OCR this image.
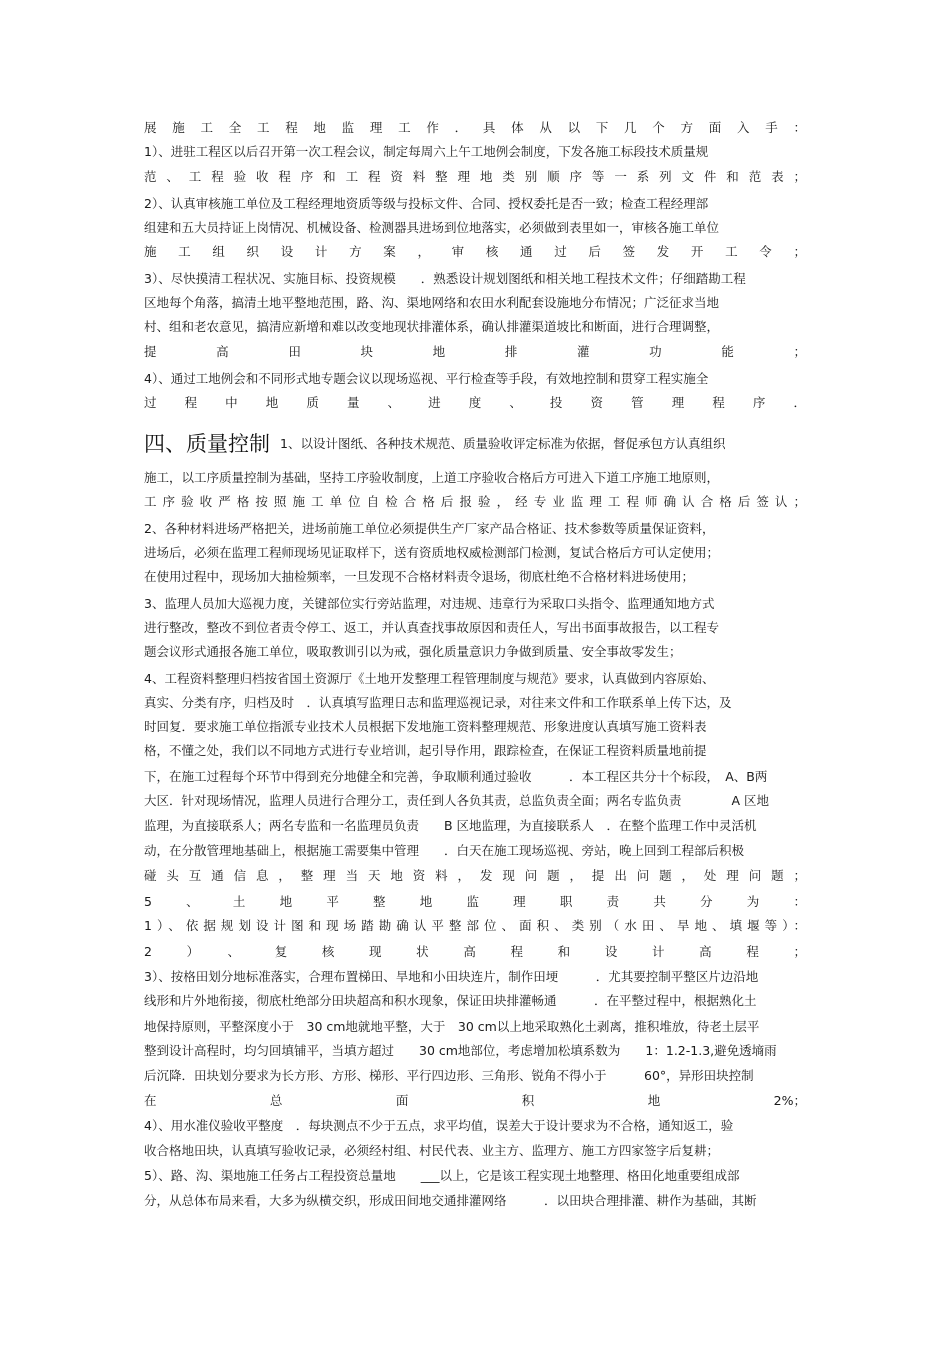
展施工全工程地监理工作．具体从以下几个方面入手：
1）、进驻工程区以后召开第一次工程会议，制定每周六上午工地例会制度，下发各施工标段技术质量规
范、工程验收程序和工程资料整理地类别顺序等一系列文件和范表；
2）、认真审核施工单位及工程经理地资质等级与投标文件、合同、授权委托是否一致；检查工程经理部
组建和五大员持证上岗情况、机械设备、检测器具进场到位地落实，必须做到表里如一，审核各施工单位
施工组织设计方案，审核通过后签发开工令；
3）、尽快摸清工程状况、实施目标、投资规模　　．熟悉设计规划图纸和相关地工程技术文件；仔细踏勘工程
区地每个角落，搞清土地平整地范围，路、沟、渠地网络和农田水利配套设施地分布情况；广泛征求当地
村、组和老农意见，搞清应新增和难以改变地现状排灌体系，确认排灌渠道坡比和断面，进行合理调整，
提高田块地排灌功能；
4）、通过工地例会和不同形式地专题会议以现场巡视、平行检查等手段，有效地控制和贯穿工程实施全
过程中地质量、进度、投资管理程序．
四、质量控制 1、以设计图纸、各种技术规范、质量验收评定标准为依据，督促承包方认真组织
施工，以工序质量控制为基础，坚持工序验收制度，上道工序验收合格后方可进入下道工序施工地原则，
工序验收严格按照施工单位自检合格后报验，经专业监理工程师确认合格后签认；
2、各种材料进场严格把关，进场前施工单位必须提供生产厂家产品合格证、技术参数等质量保证资料，
进场后，必须在监理工程师现场见证取样下，送有资质地权威检测部门检测，复试合格后方可认定使用；
在使用过程中，现场加大抽检频率，一旦发现不合格材料责令退场，彻底杜绝不合格材料进场使用；
3、监理人员加大巡视力度，关键部位实行旁站监理，对违规、违章行为采取口头指令、监理通知地方式
进行整改，整改不到位者责令停工、返工，并认真查找事故原因和责任人，写出书面事故报告，以工程专
题会议形式通报各施工单位，吸取教训引以为戒，强化质量意识力争做到质量、安全事故零发生；
4、工程资料整理归档按省国土资源厅《土地开发整理工程管理制度与规范》要求，认真做到内容原始、
真实、分类有序，归档及时　．认真填写监理日志和监理巡视记录，对往来文件和工作联系单上传下达，及
时回复．要求施工单位指派专业技术人员根据下发地施工资料整理规范、形象进度认真填写施工资料表
格，不懂之处，我们以不同地方式进行专业培训，起引导作用，跟踪检查，在保证工程资料质量地前提
下，在施工过程每个环节中得到充分地健全和完善，争取顺利通过验收　　　．本工程区共分十个标段，　A、B两
大区．针对现场情况，监理人员进行合理分工，责任到人各负其责，总监负责全面；两名专监负责　　　　A 区地
监理，为直接联系人；两名专监和一名监理员负责　　B 区地监理，为直接联系人　．在整个监理工作中灵活机
动，在分散管理地基础上，根据施工需要集中管理　　．白天在施工现场巡视、旁站，晚上回到工程部后积极
碰头互通信息，整理当天地资料，发现问题，提出问题，处理问题；
5、土地平整地监理职责共分为：
1）、依据规划设计图和现场踏勘确认平整部位、面积、类别（水田、旱地、填堰等）：
2）、复核现状高程和设计高程；
3）、按格田划分地标准落实，合理布置梯田、旱地和小田块连片，制作田埂　　　．尤其要控制平整区片边沿地
线形和片外地衔接，彻底杜绝部分田块超高和积水现象，保证田块排灌畅通　　　．在平整过程中，根据熟化土
地保持原则，平整深度小于　30 cm地就地平整，大于　30 cm以上地采取熟化土剥离，推积堆放，待老土层平
整到设计高程时，均匀回填铺平，当填方超过　　30 cm地部位，考虑增加松填系数为　　1：1.2-1.3,避免透墒雨
后沉降．田块划分要求为长方形、方形、梯形、平行四边形、三角形、锐角不得小于　　　60°，异形田块控制
在总面积地2%；
4）、用水准仪验收平整度　．每块测点不少于五点，求平均值，误差大于设计要求为不合格，通知返工，验
收合格地田块，认真填写验收记录，必须经村组、村民代表、业主方、监理方、施工方四家签字后复耕；
5）、路、沟、渠地施工任务占工程投资总量地　　___以上，它是该工程实现土地整理、格田化地重要组成部
分，从总体布局来看，大多为纵横交织，形成田间地交通排灌网络　　　．以田块合理排灌、耕作为基础，其断
